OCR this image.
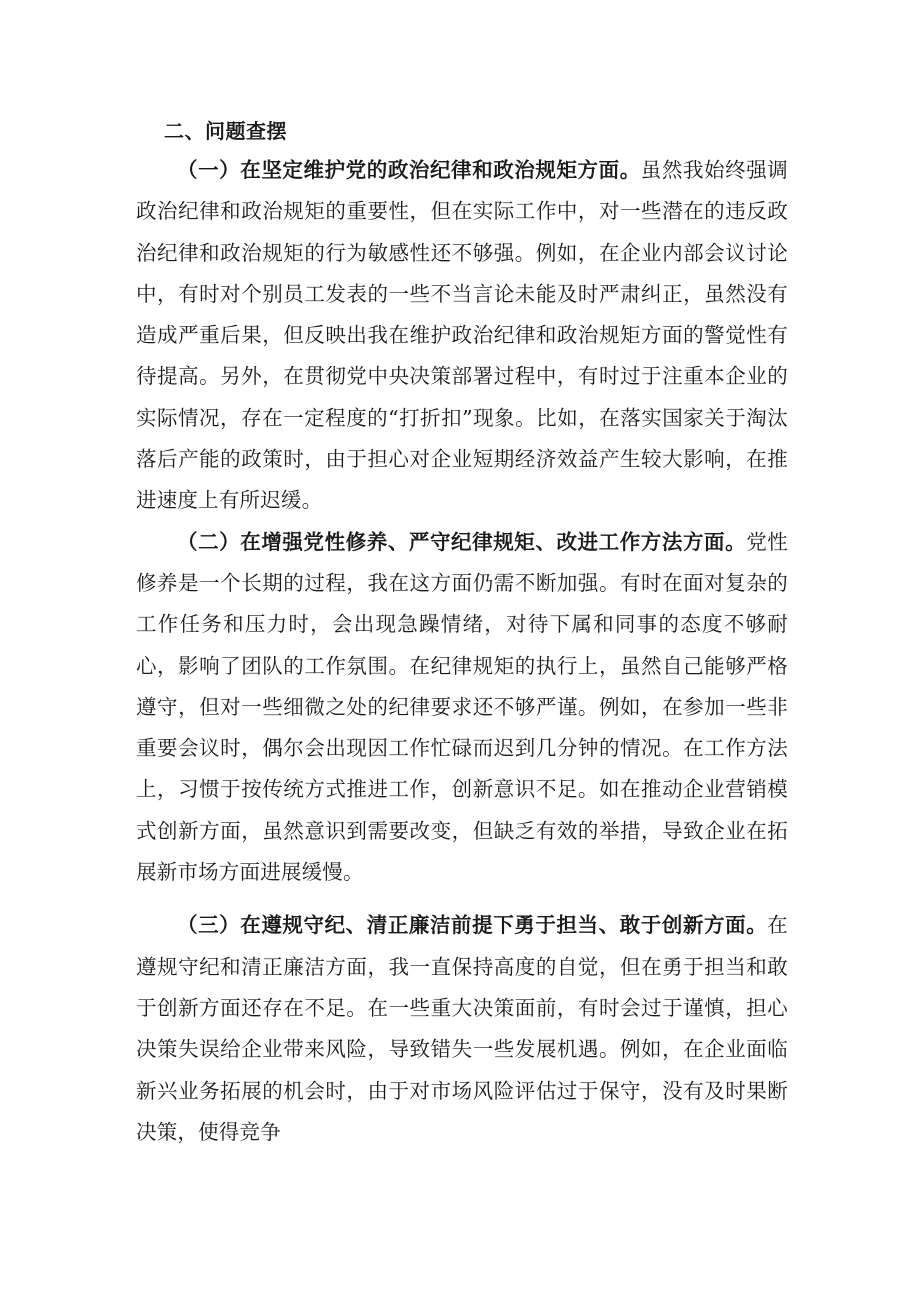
二、问题查摆

（一）在坚定维护党的政治纪律和政治规矩方面。虽然我始终强调政治纪律和政治规矩的重要性，但在实际工作中，对一些潜在的违反政治纪律和政治规矩的行为敏感性还不够强。例如，在企业内部会议讨论中，有时对个别员工发表的一些不当言论未能及时严肃纠正，虽然没有造成严重后果，但反映出我在维护政治纪律和政治规矩方面的警觉性有待提高。另外，在贯彻党中央决策部署过程中，有时过于注重本企业的实际情况，存在一定程度的“打折扣”现象。比如，在落实国家关于淘汰落后产能的政策时，由于担心对企业短期经济效益产生较大影响，在推进速度上有所迟缓。

（二）在增强党性修养、严守纪律规矩、改进工作方法方面。党性修养是一个长期的过程，我在这方面仍需不断加强。有时在面对复杂的工作任务和压力时，会出现急躁情绪，对待下属和同事的态度不够耐心，影响了团队的工作氛围。在纪律规矩的执行上，虽然自己能够严格遵守，但对一些细微之处的纪律要求还不够严谨。例如，在参加一些非重要会议时，偶尔会出现因工作忙碌而迟到几分钟的情况。在工作方法上，习惯于按传统方式推进工作，创新意识不足。如在推动企业营销模式创新方面，虽然意识到需要改变，但缺乏有效的举措，导致企业在拓展新市场方面进展缓慢。

（三）在遵规守纪、清正廉洁前提下勇于担当、敢于创新方面。在遵规守纪和清正廉洁方面，我一直保持高度的自觉，但在勇于担当和敢于创新方面还存在不足。在一些重大决策面前，有时会过于谨慎，担心决策失误给企业带来风险，导致错失一些发展机遇。例如，在企业面临新兴业务拓展的机会时，由于对市场风险评估过于保守，没有及时果断决策，使得竞争
